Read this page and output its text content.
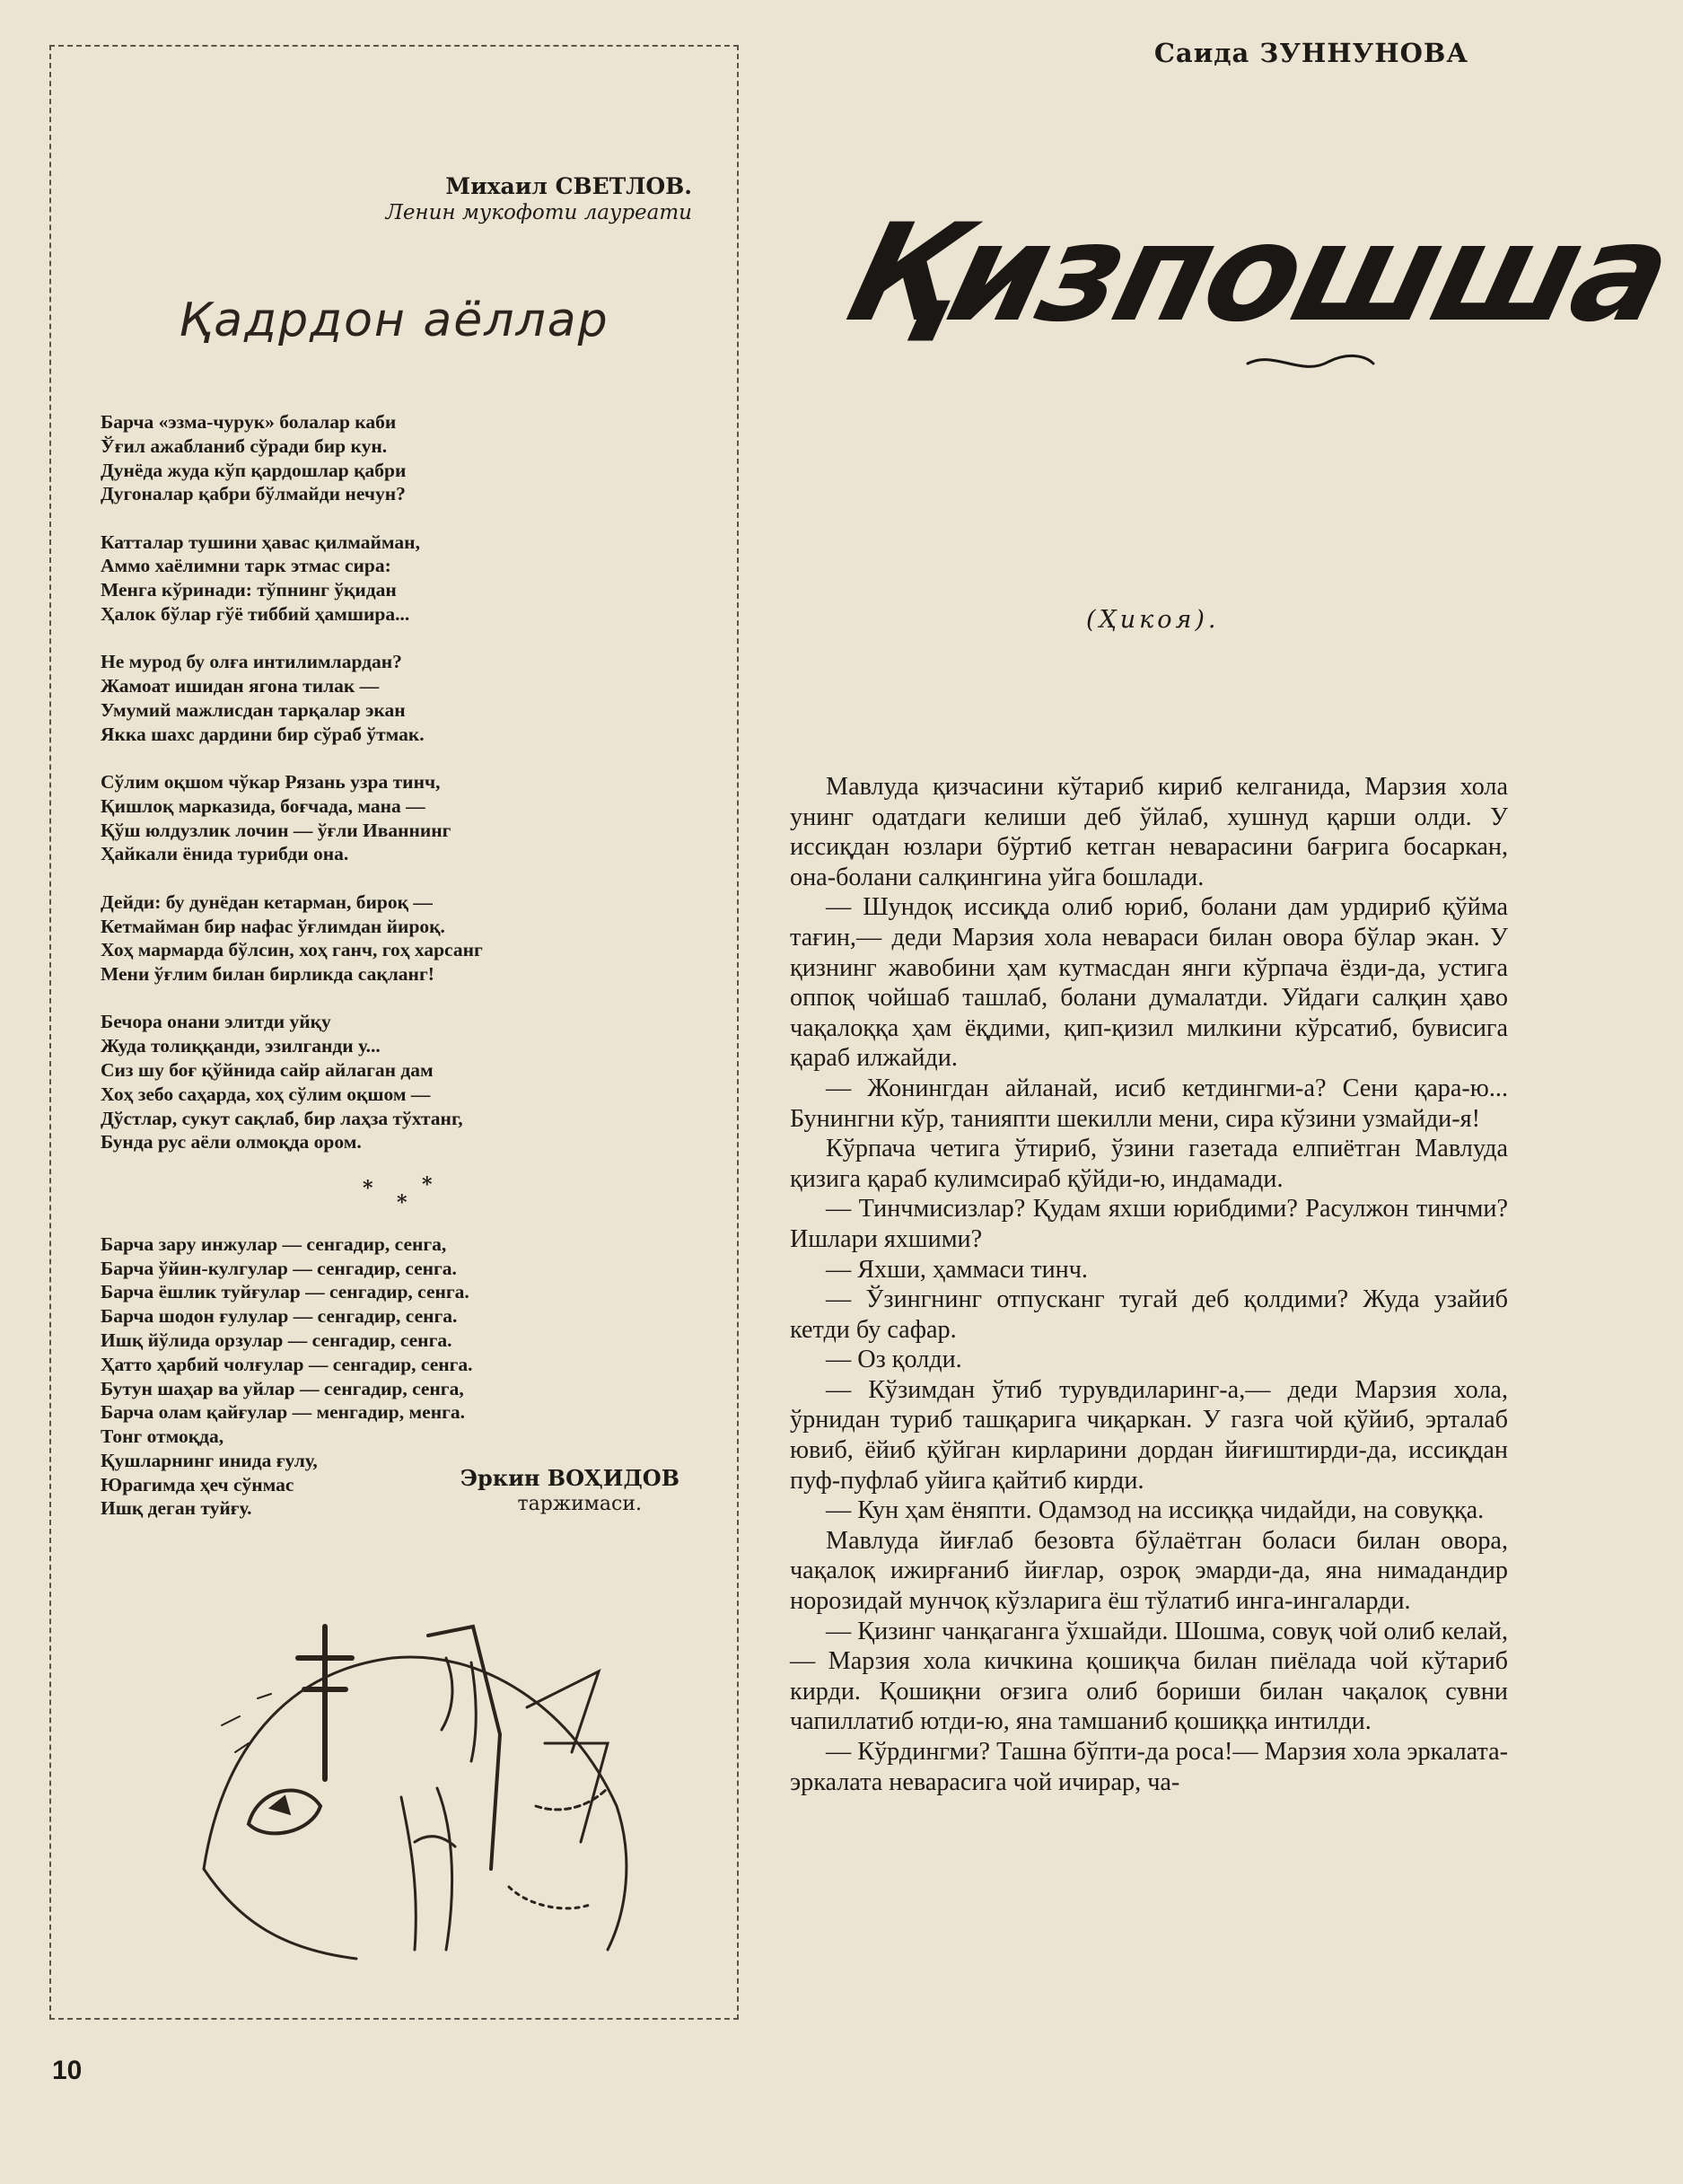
Михаил СВЕТЛОВ.
Ленин мукофоти лауреати
Қадрдон аёллар
Барча «эзма-чурук» болалар каби
Ўғил ажабланиб сўради бир кун.
Дунёда жуда кўп қардошлар қабри
Дугоналар қабри бўлмайди нечун?
Катталар тушини ҳавас қилмайман,
Аммо хаёлимни тарк этмас сира:
Менга кўринади: тўпнинг ўқидан
Ҳалок бўлар гўё тиббий ҳамшира...
Не мурод бу олға интилимлардан?
Жамоат ишидан ягона тилак —
Умумий мажлисдан тарқалар экан
Якка шахс дардини бир сўраб ўтмак.
Сўлим оқшом чўкар Рязань узра тинч,
Қишлоқ марказида, боғчада, мана —
Қўш юлдузлик лочин — ўғли Иваннинг
Ҳайкали ёнида турибди она.
Дейди: бу дунёдан кетарман, бироқ —
Кетмайман бир нафас ўғлимдан йироқ.
Хоҳ мармарда бўлсин, хоҳ ганч, гоҳ харсанг
Мени ўғлим билан бирликда сақланг!
Бечора онани элитди уйқу
Жуда толиққанди, эзилганди у...
Сиз шу боғ қўйнида сайр айлаган дам
Хоҳ зебо саҳарда, хоҳ сўлим оқшом —
Дўстлар, сукут сақлаб, бир лаҳза тўхтанг,
Бунда рус аёли олмоқда ором.
*
*
*
Барча зару инжулар — сенгадир, сенга,
Барча ўйин-кулгулар — сенгадир, сенга.
Барча ёшлик туйғулар — сенгадир, сенга.
Барча шодон ғулулар — сенгадир, сенга.
Ишқ йўлида орзулар — сенгадир, сенга.
Ҳатто ҳарбий чолғулар — сенгадир, сенга.
Бутун шаҳар ва уйлар — сенгадир, сенга,
Барча олам қайғулар — менгадир, менга.
Тонг отмоқда,
Қушларнинг инида ғулу,
Юрагимда ҳеч сўнмас
Ишқ деган туйғу.
Эркин ВОҲИДОВ
таржимаси.
Саида ЗУННУНОВА
Қизпошша
(Ҳикоя).

Мавлуда қизчасини кўтариб кириб келганида, Марзия хола унинг одатдаги келиши деб ўйлаб, хушнуд қарши олди. У иссиқдан юзлари бўртиб кетган неварасини бағрига босаркан, она-болани салқингина уйга бошлади.

— Шундоқ иссиқда олиб юриб, болани дам урдириб қўйма тағин,— деди Марзия хола невараси билан овора бўлар экан. У қизнинг жавобини ҳам кутмасдан янги кўрпача ёзди-да, устига оппоқ чойшаб ташлаб, болани думалатди. Уйдаги салқин ҳаво чақалоққа ҳам ёқдими, қип-қизил милкини кўрсатиб, бувисига қараб илжайди.

— Жонингдан айланай, исиб кетдингми-а? Сени қара-ю... Бунингни кўр, танияпти шекилли мени, сира кўзини узмайди-я!

Кўрпача четига ўтириб, ўзини газетада елпиётган Мавлуда қизига қараб кулимсираб қўйди-ю, индамади.

— Тинчмисизлар? Қудам яхши юрибдими? Расулжон тинчми? Ишлари яхшими?

— Яхши, ҳаммаси тинч.

— Ўзингнинг отпусканг тугай деб қолдими? Жуда узайиб кетди бу сафар.

— Оз қолди.

— Кўзимдан ўтиб турувдиларинг-а,— деди Марзия хола, ўрнидан туриб ташқарига чиқаркан. У газга чой қўйиб, эрталаб ювиб, ёйиб қўйган кирларини дордан йиғиштирди-да, иссиқдан пуф-пуфлаб уйига қайтиб кирди.

— Кун ҳам ёняпти. Одамзод на иссиққа чидайди, на совуққа.

Мавлуда йиғлаб безовта бўлаётган боласи билан овора, чақалоқ ижирғаниб йиғлар, озроқ эмарди-да, яна нимадандир норозидай мунчоқ кўзларига ёш тўлатиб инга-ингаларди.

— Қизинг чанқаганга ўхшайди. Шошма, совуқ чой олиб келай,— Марзия хола кичкина қошиқча билан пиёлада чой кўтариб кирди. Қошиқни оғзига олиб бориши билан чақалоқ сувни чапиллатиб ютди-ю, яна тамшаниб қошиққа интилди.

— Кўрдингми? Ташна бўпти-да роса!— Марзия хола эркалата-эркалата неварасига чой ичирар, ча-

10
